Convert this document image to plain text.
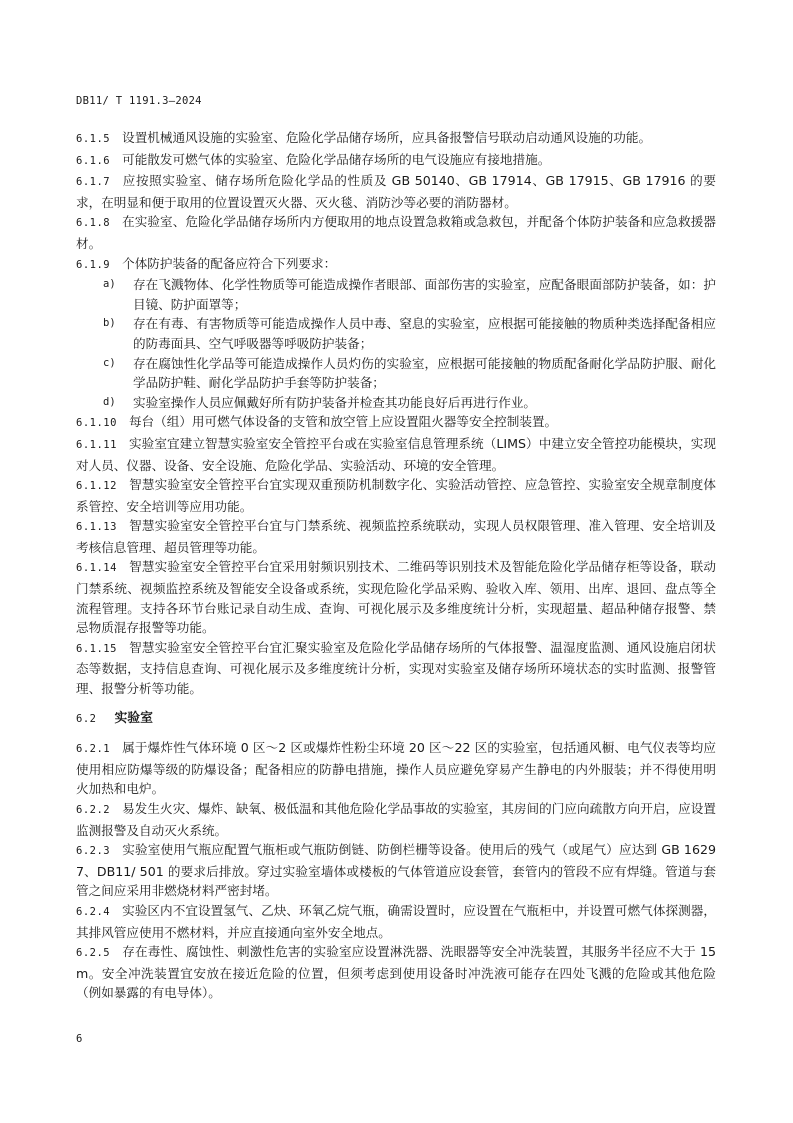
DB11/ T 1191.3—2024

6.1.5 设置机械通风设施的实验室、危险化学品储存场所，应具备报警信号联动启动通风设施的功能。

6.1.6 可能散发可燃气体的实验室、危险化学品储存场所的电气设施应有接地措施。

6.1.7 应按照实验室、储存场所危险化学品的性质及 GB 50140、GB 17914、GB 17915、GB 17916 的要求，在明显和便于取用的位置设置灭火器、灭火毯、消防沙等必要的消防器材。

6.1.8 在实验室、危险化学品储存场所内方便取用的地点设置急救箱或急救包，并配备个体防护装备和应急救援器材。

6.1.9 个体防护装备的配备应符合下列要求：

a)	存在飞溅物体、化学性物质等可能造成操作者眼部、面部伤害的实验室，应配备眼面部防护装备，如：护目镜、防护面罩等；
b)	存在有毒、有害物质等可能造成操作人员中毒、窒息的实验室，应根据可能接触的物质种类选择配备相应的防毒面具、空气呼吸器等呼吸防护装备；
c)	存在腐蚀性化学品等可能造成操作人员灼伤的实验室，应根据可能接触的物质配备耐化学品防护服、耐化学品防护鞋、耐化学品防护手套等防护装备；
d)	实验室操作人员应佩戴好所有防护装备并检查其功能良好后再进行作业。

6.1.10 每台（组）用可燃气体设备的支管和放空管上应设置阻火器等安全控制装置。

6.1.11 实验室宜建立智慧实验室安全管控平台或在实验室信息管理系统（LIMS）中建立安全管控功能模块，实现对人员、仪器、设备、安全设施、危险化学品、实验活动、环境的安全管理。

6.1.12 智慧实验室安全管控平台宜实现双重预防机制数字化、实验活动管控、应急管控、实验室安全规章制度体系管控、安全培训等应用功能。

6.1.13 智慧实验室安全管控平台宜与门禁系统、视频监控系统联动，实现人员权限管理、准入管理、安全培训及考核信息管理、超员管理等功能。

6.1.14 智慧实验室安全管控平台宜采用射频识别技术、二维码等识别技术及智能危险化学品储存柜等设备，联动门禁系统、视频监控系统及智能安全设备或系统，实现危险化学品采购、验收入库、领用、出库、退回、盘点等全流程管理。支持各环节台账记录自动生成、查询、可视化展示及多维度统计分析，实现超量、超品种储存报警、禁忌物质混存报警等功能。

6.1.15 智慧实验室安全管控平台宜汇聚实验室及危险化学品储存场所的气体报警、温湿度监测、通风设施启闭状态等数据，支持信息查询、可视化展示及多维度统计分析，实现对实验室及储存场所环境状态的实时监测、报警管理、报警分析等功能。

6.2 实验室

6.2.1 属于爆炸性气体环境 0 区～2 区或爆炸性粉尘环境 20 区～22 区的实验室，包括通风橱、电气仪表等均应使用相应防爆等级的防爆设备；配备相应的防静电措施，操作人员应避免穿易产生静电的内外服装；并不得使用明火加热和电炉。

6.2.2 易发生火灾、爆炸、缺氧、极低温和其他危险化学品事故的实验室，其房间的门应向疏散方向开启，应设置监测报警及自动灭火系统。

6.2.3 实验室使用气瓶应配置气瓶柜或气瓶防倒链、防倒栏栅等设备。使用后的残气（或尾气）应达到 GB 16297、DB11/ 501 的要求后排放。穿过实验室墙体或楼板的气体管道应设套管，套管内的管段不应有焊缝。管道与套管之间应采用非燃烧材料严密封堵。

6.2.4 实验区内不宜设置氢气、乙炔、环氧乙烷气瓶，确需设置时，应设置在气瓶柜中，并设置可燃气体探测器，其排风管应使用不燃材料，并应直接通向室外安全地点。

6.2.5 存在毒性、腐蚀性、刺激性危害的实验室应设置淋洗器、洗眼器等安全冲洗装置，其服务半径应不大于 15m。安全冲洗装置宜安放在接近危险的位置，但须考虑到使用设备时冲洗液可能存在四处飞溅的危险或其他危险（例如暴露的有电导体）。

6
